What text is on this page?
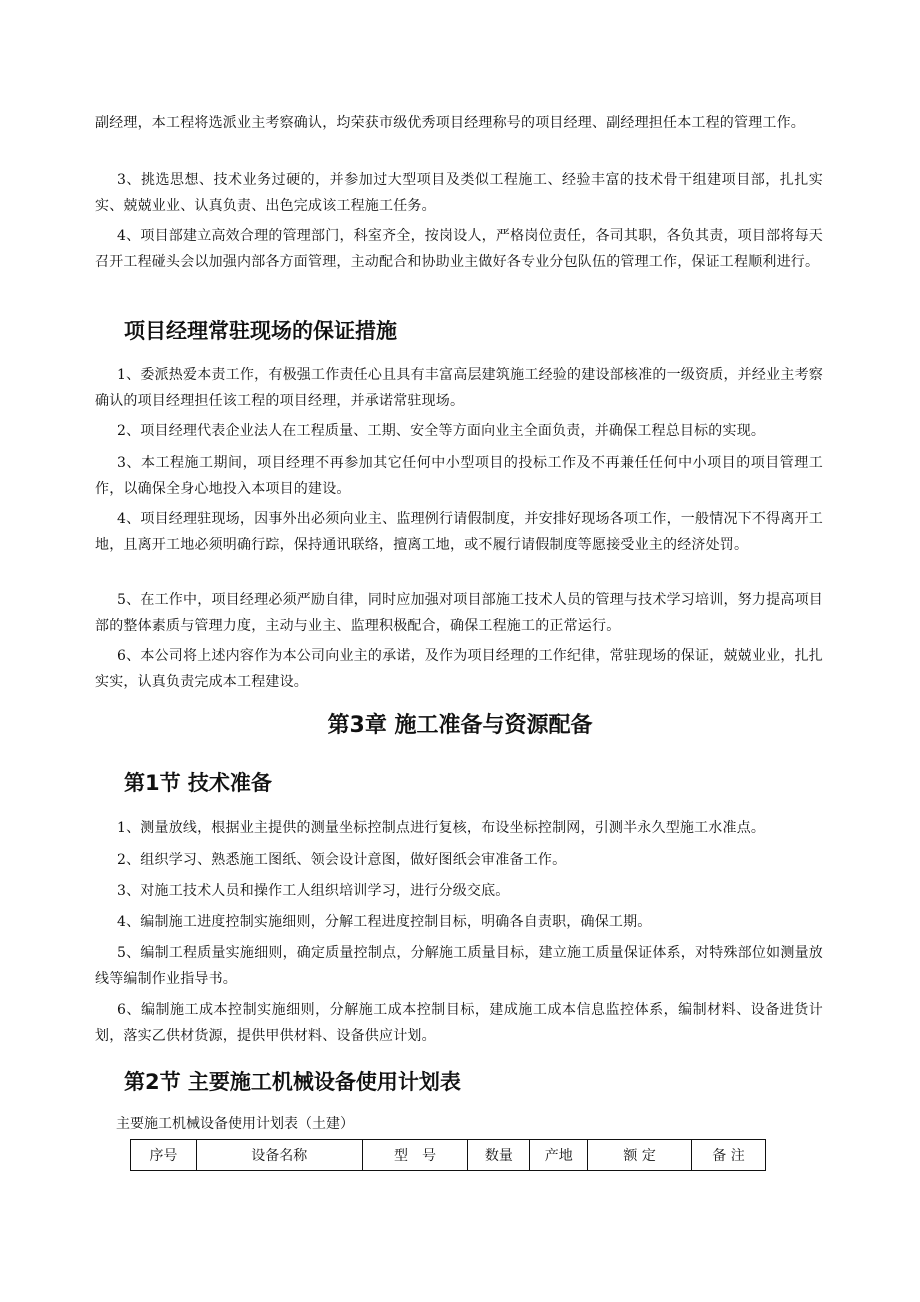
副经理，本工程将选派业主考察确认，均荣获市级优秀项目经理称号的项目经理、副经理担任本工程的管理工作。

3、挑选思想、技术业务过硬的，并参加过大型项目及类似工程施工、经验丰富的技术骨干组建项目部，扎扎实实、兢兢业业、认真负责、出色完成该工程施工任务。

4、项目部建立高效合理的管理部门，科室齐全，按岗设人，严格岗位责任，各司其职，各负其责，项目部将每天召开工程碰头会以加强内部各方面管理，主动配合和协助业主做好各专业分包队伍的管理工作，保证工程顺利进行。

项目经理常驻现场的保证措施

1、委派热爱本责工作，有极强工作责任心且具有丰富高层建筑施工经验的建设部核准的一级资质，并经业主考察确认的项目经理担任该工程的项目经理，并承诺常驻现场。

2、项目经理代表企业法人在工程质量、工期、安全等方面向业主全面负责，并确保工程总目标的实现。

3、本工程施工期间，项目经理不再参加其它任何中小型项目的投标工作及不再兼任任何中小项目的项目管理工作，以确保全身心地投入本项目的建设。

4、项目经理驻现场，因事外出必须向业主、监理例行请假制度，并安排好现场各项工作，一般情况下不得离开工地，且离开工地必须明确行踪，保持通讯联络，擅离工地，或不履行请假制度等愿接受业主的经济处罚。

5、在工作中，项目经理必须严励自律，同时应加强对项目部施工技术人员的管理与技术学习培训，努力提高项目部的整体素质与管理力度，主动与业主、监理积极配合，确保工程施工的正常运行。

6、本公司将上述内容作为本公司向业主的承诺，及作为项目经理的工作纪律，常驻现场的保证，兢兢业业，扎扎实实，认真负责完成本工程建设。

第3章 施工准备与资源配备
第1节 技术准备

1、测量放线，根据业主提供的测量坐标控制点进行复核，布设坐标控制网，引测半永久型施工水准点。

2、组织学习、熟悉施工图纸、领会设计意图，做好图纸会审准备工作。

3、对施工技术人员和操作工人组织培训学习，进行分级交底。

4、编制施工进度控制实施细则，分解工程进度控制目标，明确各自责职，确保工期。

5、编制工程质量实施细则，确定质量控制点，分解施工质量目标，建立施工质量保证体系，对特殊部位如测量放线等编制作业指导书。

6、编制施工成本控制实施细则，分解施工成本控制目标，建成施工成本信息监控体系，编制材料、设备进货计划，落实乙供材货源，提供甲供材料、设备供应计划。

第2节 主要施工机械设备使用计划表

主要施工机械设备使用计划表（土建）

序号	设备名称	型　号	数量	产地	额 定	备 注
